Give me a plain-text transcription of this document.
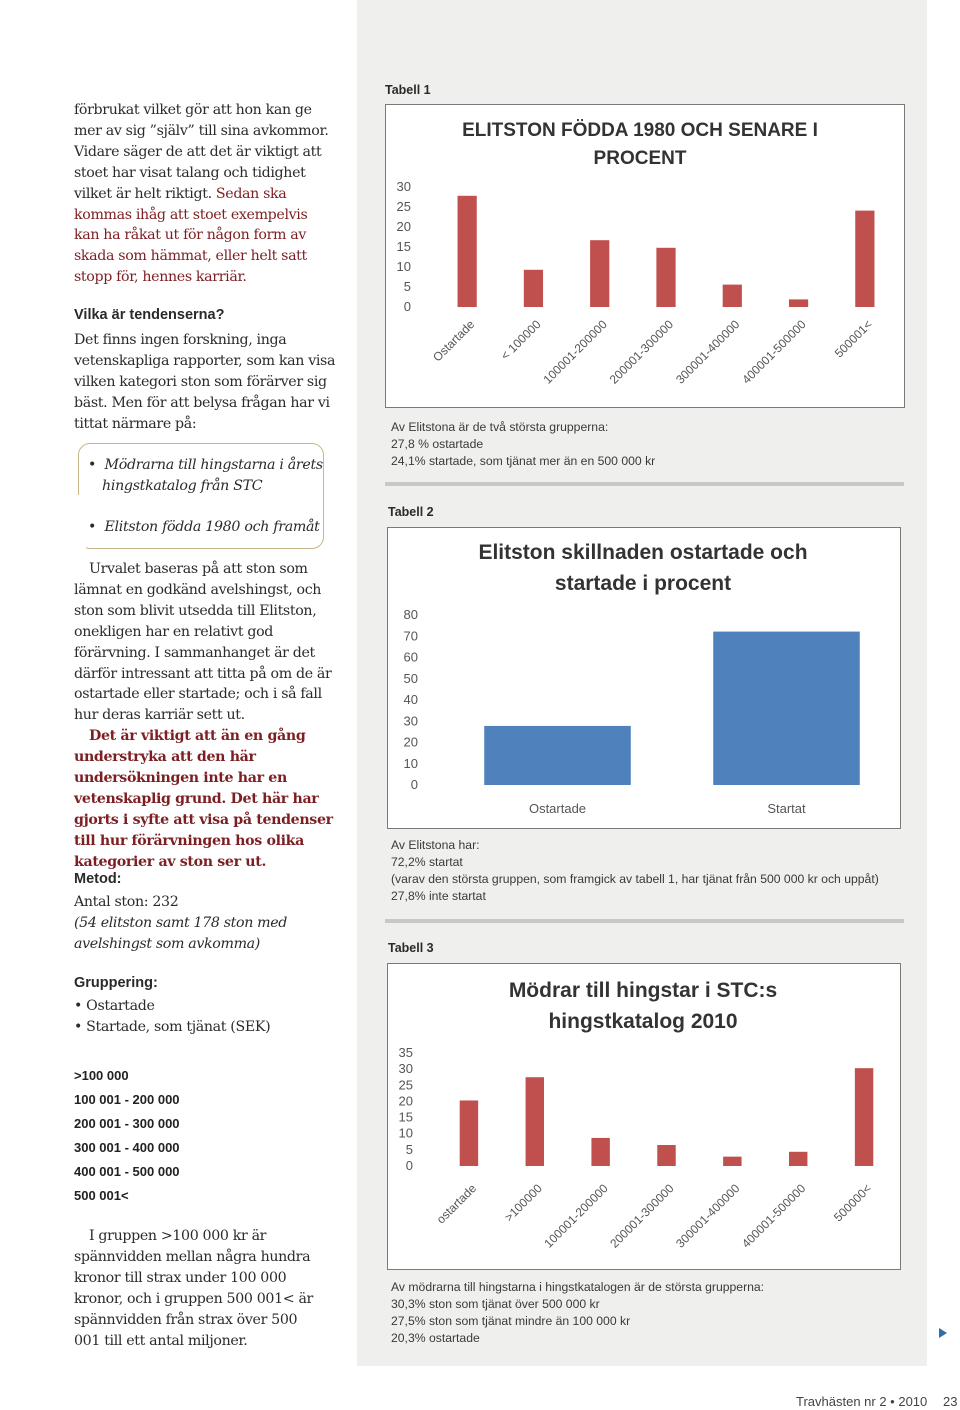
förbrukat vilket gör att hon kan ge mer av sig ”själv” till sina avkommor. Vidare säger de att det är viktigt att stoet har visat talang och tidighet vilket är helt riktigt. Sedan ska kommas ihåg att stoet exempelvis kan ha råkat ut för någon form av skada som hämmat, eller helt satt stopp för, hennes karriär.

Vilka är tendenserna?

Det finns ingen forskning, inga vetenskapliga rapporter, som kan visa vilken kategori ston som förärver sig bäst. Men för att belysa frågan har vi tittat närmare på:

•  Mödrarna till hingstarna i årets
hingstkatalog från STC
•  Elitston födda 1980 och framåt

Urvalet baseras på att ston som lämnat en godkänd avelshingst, och ston som blivit utsedda till Elitston, onekligen har en relativt god förärvning. I sammanhanget är det därför intressant att titta på om de är ostartade eller startade; och i så fall hur deras karriär sett ut.

Det är viktigt att än en gång understryka att den här undersökningen inte har en vetenskaplig grund. Det här har gjorts i syfte att visa på tendenser till hur förärvningen hos olika kategorier av ston ser ut.

Metod:
Antal ston: 232
(54 elitston samt 178 ston med avelshingst som avkomma)
Gruppering:
• Ostartade
• Startade, som tjänat (SEK)
>100 000
100 001 - 200 000
200 001 - 300 000
300 001 - 400 000
400 001 - 500 000
500 001<

I gruppen >100 000 kr är spännvidden mellan några hundra kronor till strax under 100 000 kronor, och i gruppen 500 001< är spännvidden från strax över 500 001 till ett antal miljoner.

Tabell 1
ELITSTON FÖDDA 1980 OCH SENARE I
PROCENT
0
5
10
15
20
25
30
Ostartade < 100000
100001-200000
200001-300000
300001-400000
400001-500000 500001<
Av Elitstona är de två största grupperna:
27,8 % ostartade
24,1% startade, som tjänat mer än en 500 000 kr
Tabell 2
Elitston skillnaden ostartade och
startade i procent
0
10
20
30
40
50
60
70
80
Ostartade	Startat
Av Elitstona har:
72,2% startat
(varav den största gruppen, som framgick av tabell 1, har tjänat från 500 000 kr och uppåt)
27,8% inte startat
Tabell 3
Mödrar till hingstar i STC:s
hingstkatalog 2010
0
5
10
15
20
25
30
35
ostartade >100000
100001-200000
200001-300000
300001-400000
400001-500000 500000<
Av mödrarna till hingstarna i hingstkatalogen är de största grupperna:
30,3% ston som tjänat över 500 000 kr
27,5% ston som tjänat mindre än 100 000 kr
20,3% ostartade
Travhästen nr 2 • 2010 23
